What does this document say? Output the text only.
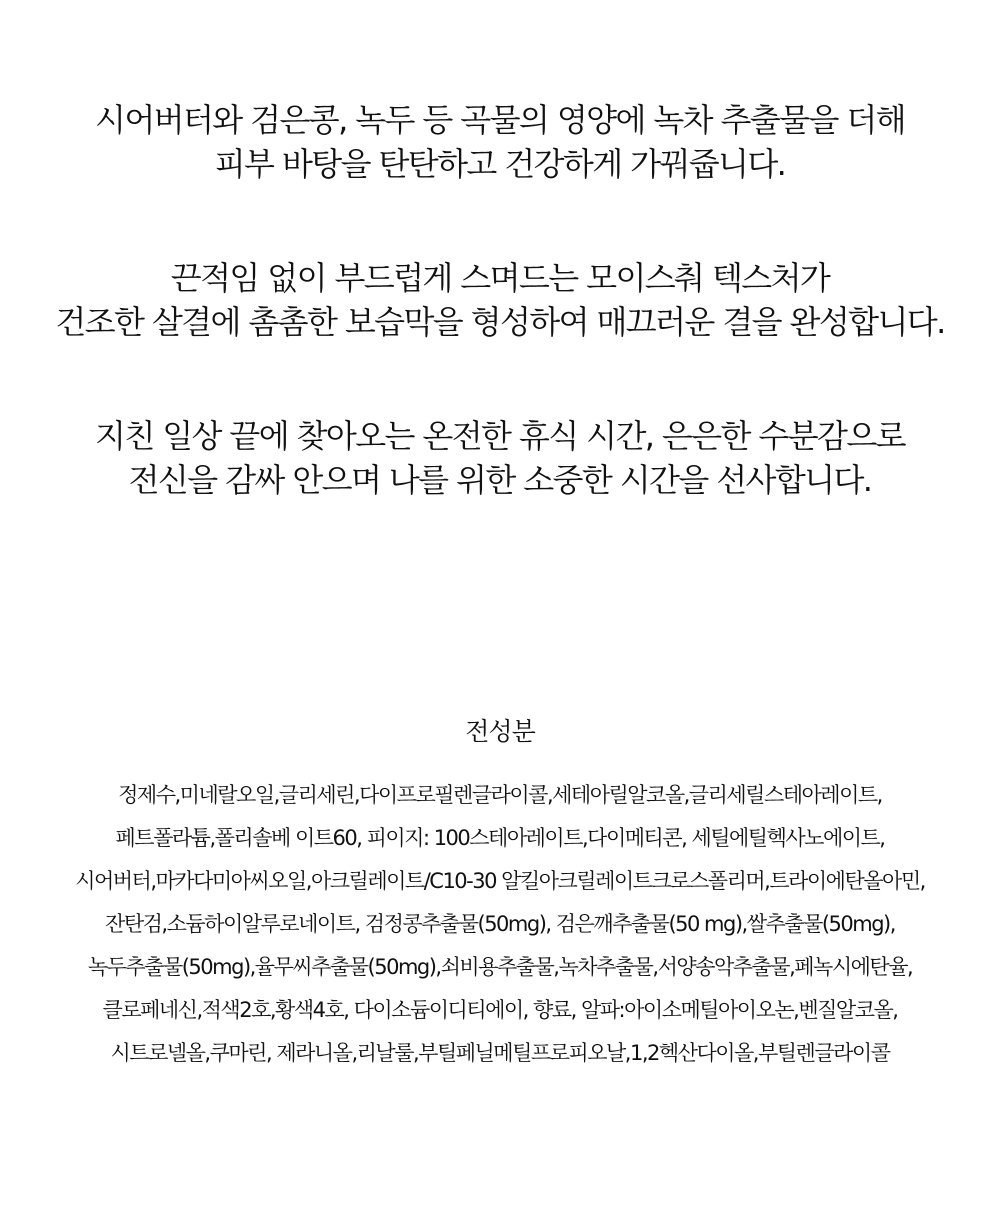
시어버터와 검은콩, 녹두 등 곡물의 영양에 녹차 추출물을 더해
피부 바탕을 탄탄하고 건강하게 가꿔줍니다.

끈적임 없이 부드럽게 스며드는 모이스춰 텍스처가
건조한 살결에 촘촘한 보습막을 형성하여 매끄러운 결을 완성합니다.

지친 일상 끝에 찾아오는 온전한 휴식 시간, 은은한 수분감으로
전신을 감싸 안으며 나를 위한 소중한 시간을 선사합니다.

전성분
정제수,미네랄오일,글리세린,다이프로필렌글라이콜,세테아릴알코올,글리세릴스테아레이트,
페트폴라튬,폴리솔베 이트60, 피이지: 100스테아레이트,다이메티콘, 세틸에틸헥사노에이트,
시어버터,마카다미아씨오일,아크릴레이트/C10-30 알킬아크릴레이트크로스폴리머,트라이에탄올아민,
잔탄검,소듐하이알루로네이트, 검정콩추출물(50mg), 검은깨추출물(50 mg),쌀추출물(50mg),
녹두추출물(50mg),율무씨추출물(50mg),쇠비용추출물,녹차추출물,서양송악추출물,페녹시에탄율,
클로페네신,적색2호,황색4호, 다이소듐이디티에이, 향료, 알파:아이소메틸아이오논,벤질알코올,
시트로넬올,쿠마린, 제라니올,리날룰,부틸페닐메틸프로피오날,1,2헥산다이올,부틸렌글라이콜
